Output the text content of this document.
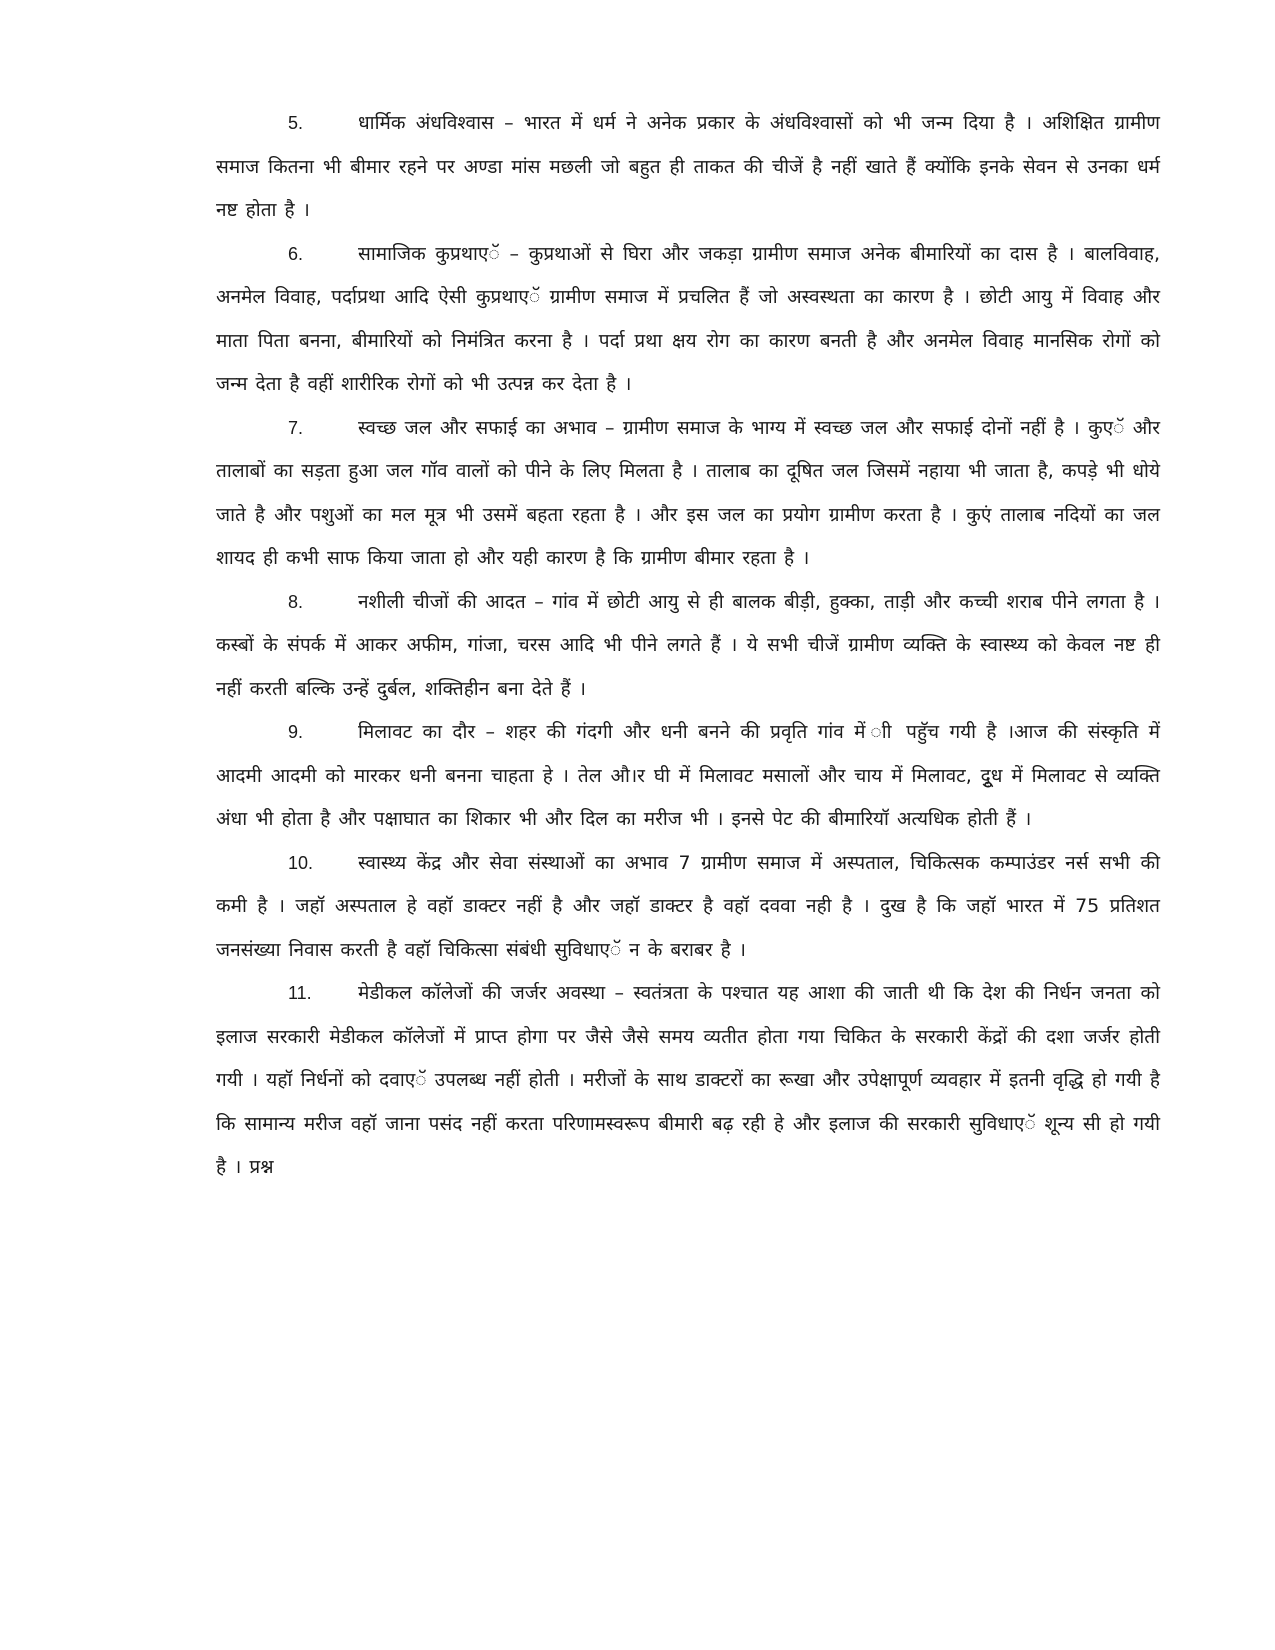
5.	धार्मिक अंधविश्वास – भारत में धर्म ने अनेक प्रकार के अंधविश्वासों को भी जन्म दिया है । अशिक्षित ग्रामीण समाज कितना भी बीमार रहने पर अण्डा मांस मछली जो बहुत ही ताकत की चीजें है नहीं खाते हैं क्योंकि इनके सेवन से उनका धर्म नष्ट होता है ।

6.	सामाजिक कुप्रथाएॅ – कुप्रथाओं से घिरा और जकड़ा ग्रामीण समाज अनेक बीमारियों का दास है । बालविवाह, अनमेल विवाह, पर्दाप्रथा आदि ऐसी कुप्रथाएॅ ग्रामीण समाज में प्रचलित हैं जो अस्वस्थता का कारण है । छोटी आयु में विवाह और माता पिता बनना, बीमारियों को निमंत्रित करना है । पर्दा प्रथा क्षय रोग का कारण बनती है और अनमेल विवाह मानसिक रोगों को जन्म देता है वहीं शारीरिक रोगों को भी उत्पन्न कर देता है ।

7.	स्वच्छ जल और सफाई का अभाव – ग्रामीण समाज के भाग्य में स्वच्छ जल और सफाई दोनों नहीं है । कुएॅ और तालाबों का सड़ता हुआ जल गॉव वालों को पीने के लिए मिलता है । तालाब का दूषित जल जिसमें नहाया भी जाता है, कपड़े भी धोये जाते है और पशुओं का मल मूत्र भी उसमें बहता रहता है । और इस जल का प्रयोग ग्रामीण करता है । कुएं तालाब नदियों का जल शायद ही कभी साफ किया जाता हो और यही कारण है कि ग्रामीण बीमार रहता है ।

8.	नशीली चीजों की आदत – गांव में छोटी आयु से ही बालक बीड़ी, हुक्का, ताड़ी और कच्ची शराब पीने लगता है । कस्बों के संपर्क में आकर अफीम, गांजा, चरस आदि भी पीने लगते हैं । ये सभी चीजें ग्रामीण व्यक्ति के स्वास्थ्य को केवल नष्ट ही नहीं करती बल्कि उन्हें दुर्बल, शक्तिहीन बना देते हैं ।

9.	मिलावट का दौर – शहर की गंदगी और धनी बनने की प्रवृति गांव में ाी पहुॅच गयी है ।आज की संस्कृति में आदमी आदमी को मारकर धनी बनना चाहता हे । तेल औ।र घी में मिलावट मसालों और चाय में मिलावट, दुूध में मिलावट से व्यक्ति अंधा भी होता है और पक्षाघात का शिकार भी और दिल का मरीज भी । इनसे पेट की बीमारियॉ अत्यधिक होती हैं ।

10. स्वास्थ्य केंद्र और सेवा संस्थाओं का अभाव 7 ग्रामीण समाज में अस्पताल, चिकित्सक कम्पाउंडर नर्स सभी की कमी है । जहॉ अस्पताल हे वहॉ डाक्टर नहीं है और जहॉ डाक्टर है वहॉ दववा नही है । दुख है कि जहॉ भारत में 75 प्रतिशत जनसंख्या निवास करती है वहॉ चिकित्सा संबंधी सुविधाएॅ न के बराबर है ।

11. मेडीकल कॉलेजों की जर्जर अवस्था – स्वतंत्रता के पश्चात यह आशा की जाती थी कि देश की निर्धन जनता को इलाज सरकारी मेडीकल कॉलेजों में प्राप्त होगा पर जैसे जैसे समय व्यतीत होता गया चिकित के सरकारी केंद्रों की दशा जर्जर होती गयी । यहॉ निर्धनों को दवाएॅ उपलब्ध नहीं होती । मरीजों के साथ डाक्टरों का रूखा और उपेक्षापूर्ण व्यवहार में इतनी वृद्धि हो गयी है कि सामान्य मरीज वहॉ जाना पसंद नहीं करता परिणामस्वरूप बीमारी बढ़ रही हे और इलाज की सरकारी सुविधाएॅ शून्य सी हो गयी है । प्रश्न
